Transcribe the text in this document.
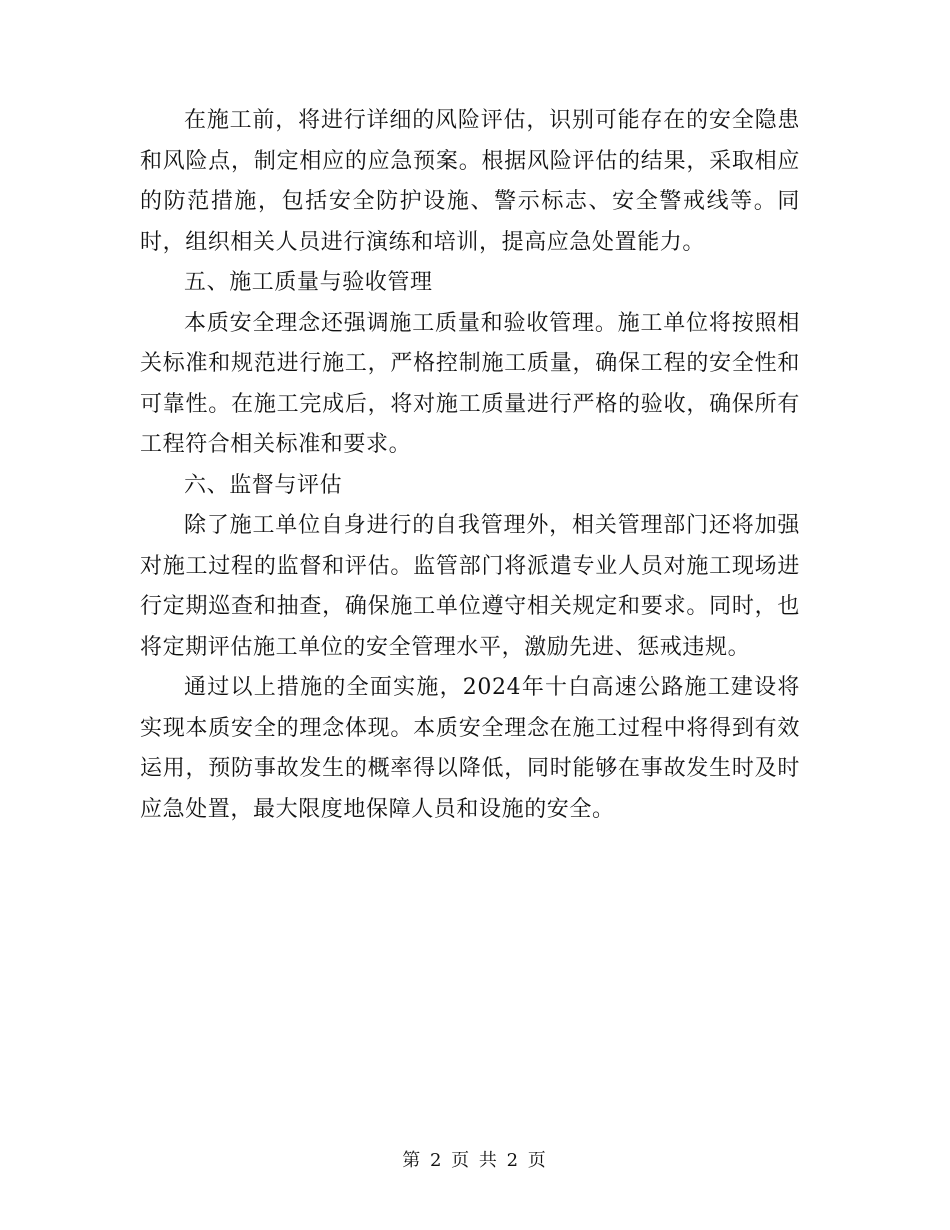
在施工前，将进行详细的风险评估，识别可能存在的安全隐患和风险点，制定相应的应急预案。根据风险评估的结果，采取相应的防范措施，包括安全防护设施、警示标志、安全警戒线等。同时，组织相关人员进行演练和培训，提高应急处置能力。

五、施工质量与验收管理

本质安全理念还强调施工质量和验收管理。施工单位将按照相关标准和规范进行施工，严格控制施工质量，确保工程的安全性和可靠性。在施工完成后，将对施工质量进行严格的验收，确保所有工程符合相关标准和要求。

六、监督与评估

除了施工单位自身进行的自我管理外，相关管理部门还将加强对施工过程的监督和评估。监管部门将派遣专业人员对施工现场进行定期巡查和抽查，确保施工单位遵守相关规定和要求。同时，也将定期评估施工单位的安全管理水平，激励先进、惩戒违规。

通过以上措施的全面实施，2024年十白高速公路施工建设将实现本质安全的理念体现。本质安全理念在施工过程中将得到有效运用，预防事故发生的概率得以降低，同时能够在事故发生时及时应急处置，最大限度地保障人员和设施的安全。

第 2 页 共 2 页
